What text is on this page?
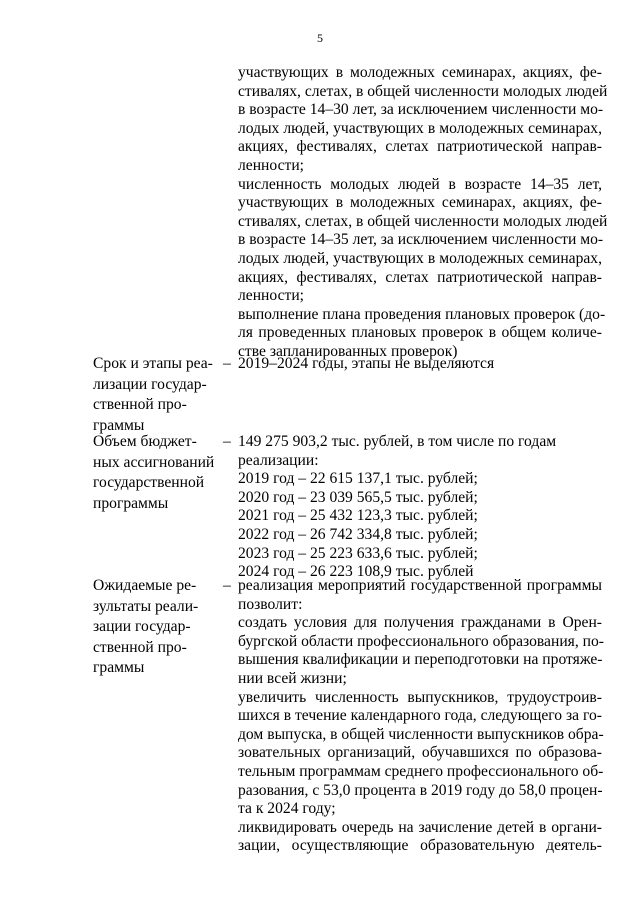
5
участвующих в молодежных семинарах, акциях, фе-
стивалях, слетах, в общей численности молодых людей
в возрасте 14–30 лет, за исключением численности мо-
лодых людей, участвующих в молодежных семинарах,
акциях, фестивалях, слетах патриотической направ-
ленности;
численность молодых людей в возрасте 14–35 лет,
участвующих в молодежных семинарах, акциях, фе-
стивалях, слетах, в общей численности молодых людей
в возрасте 14–35 лет, за исключением численности мо-
лодых людей, участвующих в молодежных семинарах,
акциях, фестивалях, слетах патриотической направ-
ленности;
выполнение плана проведения плановых проверок (до-
ля проведенных плановых проверок в общем количе-
стве запланированных проверок)
Срок и этапы реа-
лизации государ-
ственной про-
граммы
– 2019–2024 годы, этапы не выделяются
Объем бюджет-
ных ассигнований
государственной
программы
– 149 275 903,2 тыс. рублей, в том числе по годам
реализации:
2019 год – 22 615 137,1 тыс. рублей;
2020 год – 23 039 565,5 тыс. рублей;
2021 год – 25 432 123,3 тыс. рублей;
2022 год – 26 742 334,8 тыс. рублей;
2023 год – 25 223 633,6 тыс. рублей;
2024 год – 26 223 108,9 тыс. рублей
Ожидаемые ре-
зультаты реали-
зации государ-
ственной про-
граммы
– реализация мероприятий государственной программы
позволит:
создать условия для получения гражданами в Орен-
бургской области профессионального образования, по-
вышения квалификации и переподготовки на протяже-
нии всей жизни;
увеличить численность выпускников, трудоустроив-
шихся в течение календарного года, следующего за го-
дом выпуска, в общей численности выпускников обра-
зовательных организаций, обучавшихся по образова-
тельным программам среднего профессионального об-
разования, с 53,0 процента в 2019 году до 58,0 процен-
та к 2024 году;
ликвидировать очередь на зачисление детей в органи-
зации, осуществляющие образовательную деятель-
